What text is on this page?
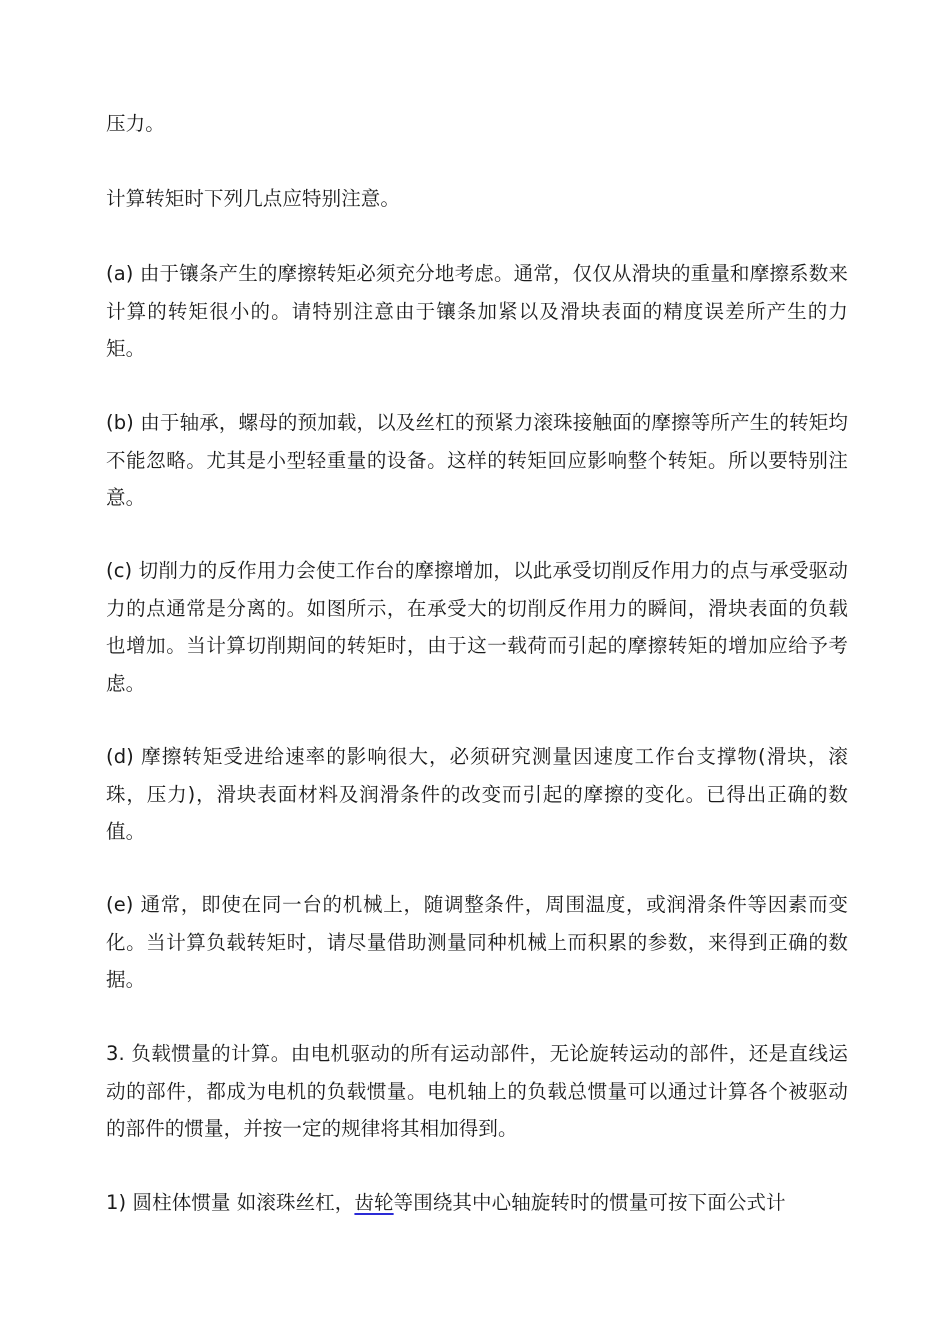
压力。

计算转矩时下列几点应特别注意。

(a) 由于镶条产生的摩擦转矩必须充分地考虑。通常，仅仅从滑块的重量和摩擦系数来计算的转矩很小的。请特别注意由于镶条加紧以及滑块表面的精度误差所产生的力矩。

(b) 由于轴承，螺母的预加载，以及丝杠的预紧力滚珠接触面的摩擦等所产生的转矩均不能忽略。尤其是小型轻重量的设备。这样的转矩回应影响整个转矩。所以要特别注意。

(c) 切削力的反作用力会使工作台的摩擦增加，以此承受切削反作用力的点与承受驱动力的点通常是分离的。如图所示，在承受大的切削反作用力的瞬间，滑块表面的负载也增加。当计算切削期间的转矩时，由于这一载荷而引起的摩擦转矩的增加应给予考虑。

(d) 摩擦转矩受进给速率的影响很大，必须研究测量因速度工作台支撑物(滑块，滚珠，压力)，滑块表面材料及润滑条件的改变而引起的摩擦的变化。已得出正确的数值。

(e) 通常，即使在同一台的机械上，随调整条件，周围温度，或润滑条件等因素而变化。当计算负载转矩时，请尽量借助测量同种机械上而积累的参数，来得到正确的数据。

3. 负载惯量的计算。由电机驱动的所有运动部件，无论旋转运动的部件，还是直线运动的部件，都成为电机的负载惯量。电机轴上的负载总惯量可以通过计算各个被驱动的部件的惯量，并按一定的规律将其相加得到。

1) 圆柱体惯量 如滚珠丝杠，齿轮等围绕其中心轴旋转时的惯量可按下面公式计
